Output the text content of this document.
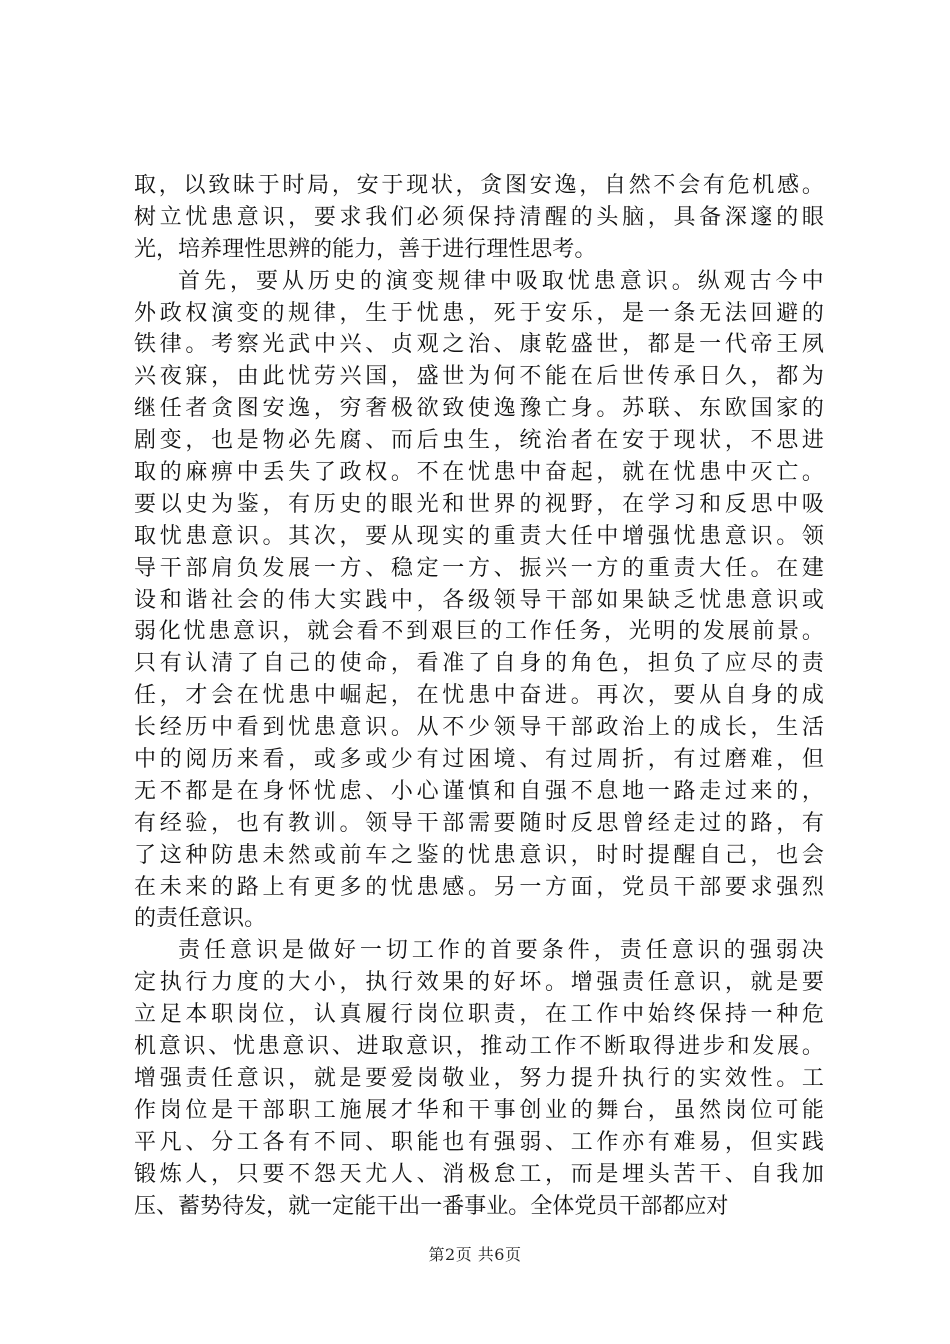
取 ， 以 致 昧 于 时 局 ， 安 于 现 状 ， 贪 图 安 逸 ， 自 然 不 会 有 危 机 感 。
树 立 忧 患 意 识 ， 要 求 我 们 必 须 保 持 清 醒 的 头 脑 ， 具 备 深 邃 的 眼
光 ， 培 养 理 性 思 辨 的 能 力 ， 善 于 进 行 理 性 思 考 。
首 先 ， 要 从 历 史 的 演 变 规 律 中 吸 取 忧 患 意 识 。 纵 观 古 今 中
外 政 权 演 变 的 规 律 ， 生 于 忧 患 ， 死 于 安 乐 ， 是 一 条 无 法 回 避 的
铁 律 。 考 察 光 武 中 兴 、 贞 观 之 治 、 康 乾 盛 世 ， 都 是 一 代 帝 王 夙
兴 夜 寐 ， 由 此 忧 劳 兴 国 ， 盛 世 为 何 不 能 在 后 世 传 承 日 久 ， 都 为
继 任 者 贪 图 安 逸 ， 穷 奢 极 欲 致 使 逸 豫 亡 身 。 苏 联 、 东 欧 国 家 的
剧 变 ， 也 是 物 必 先 腐 、 而 后 虫 生 ， 统 治 者 在 安 于 现 状 ， 不 思 进
取 的 麻 痹 中 丢 失 了 政 权 。 不 在 忧 患 中 奋 起 ， 就 在 忧 患 中 灭 亡 。
要 以 史 为 鉴 ， 有 历 史 的 眼 光 和 世 界 的 视 野 ， 在 学 习 和 反 思 中 吸
取 忧 患 意 识 。 其 次 ， 要 从 现 实 的 重 责 大 任 中 增 强 忧 患 意 识 。 领
导 干 部 肩 负 发 展 一 方 、 稳 定 一 方 、 振 兴 一 方 的 重 责 大 任 。 在 建
设 和 谐 社 会 的 伟 大 实 践 中 ， 各 级 领 导 干 部 如 果 缺 乏 忧 患 意 识 或
弱 化 忧 患 意 识 ， 就 会 看 不 到 艰 巨 的 工 作 任 务 ， 光 明 的 发 展 前 景 。
只 有 认 清 了 自 己 的 使 命 ， 看 准 了 自 身 的 角 色 ， 担 负 了 应 尽 的 责
任 ， 才 会 在 忧 患 中 崛 起 ， 在 忧 患 中 奋 进 。 再 次 ， 要 从 自 身 的 成
长 经 历 中 看 到 忧 患 意 识 。 从 不 少 领 导 干 部 政 治 上 的 成 长 ， 生 活
中 的 阅 历 来 看 ， 或 多 或 少 有 过 困 境 、 有 过 周 折 ， 有 过 磨 难 ， 但
无 不 都 是 在 身 怀 忧 虑 、 小 心 谨 慎 和 自 强 不 息 地 一 路 走 过 来 的 ，
有 经 验 ， 也 有 教 训 。 领 导 干 部 需 要 随 时 反 思 曾 经 走 过 的 路 ， 有
了 这 种 防 患 未 然 或 前 车 之 鉴 的 忧 患 意 识 ， 时 时 提 醒 自 己 ， 也 会
在 未 来 的 路 上 有 更 多 的 忧 患 感 。 另 一 方 面 ， 党 员 干 部 要 求 强 烈
的 责 任 意 识 。
责 任 意 识 是 做 好 一 切 工 作 的 首 要 条 件 ， 责 任 意 识 的 强 弱 决
定 执 行 力 度 的 大 小 ， 执 行 效 果 的 好 坏 。 增 强 责 任 意 识 ， 就 是 要
立 足 本 职 岗 位 ， 认 真 履 行 岗 位 职 责 ， 在 工 作 中 始 终 保 持 一 种 危
机 意 识 、 忧 患 意 识 、 进 取 意 识 ， 推 动 工 作 不 断 取 得 进 步 和 发 展 。
增 强 责 任 意 识 ， 就 是 要 爱 岗 敬 业 ， 努 力 提 升 执 行 的 实 效 性 。 工
作 岗 位 是 干 部 职 工 施 展 才 华 和 干 事 创 业 的 舞 台 ， 虽 然 岗 位 可 能
平 凡 、 分 工 各 有 不 同 、 职 能 也 有 强 弱 、 工 作 亦 有 难 易 ， 但 实 践
锻 炼 人 ， 只 要 不 怨 天 尤 人 、 消 极 怠 工 ， 而 是 埋 头 苦 干 、 自 我 加
压 、 蓄 势 待 发 ， 就 一 定 能 干 出 一 番 事 业 。 全 体 党 员 干 部 都 应 对
第2页 共6页
